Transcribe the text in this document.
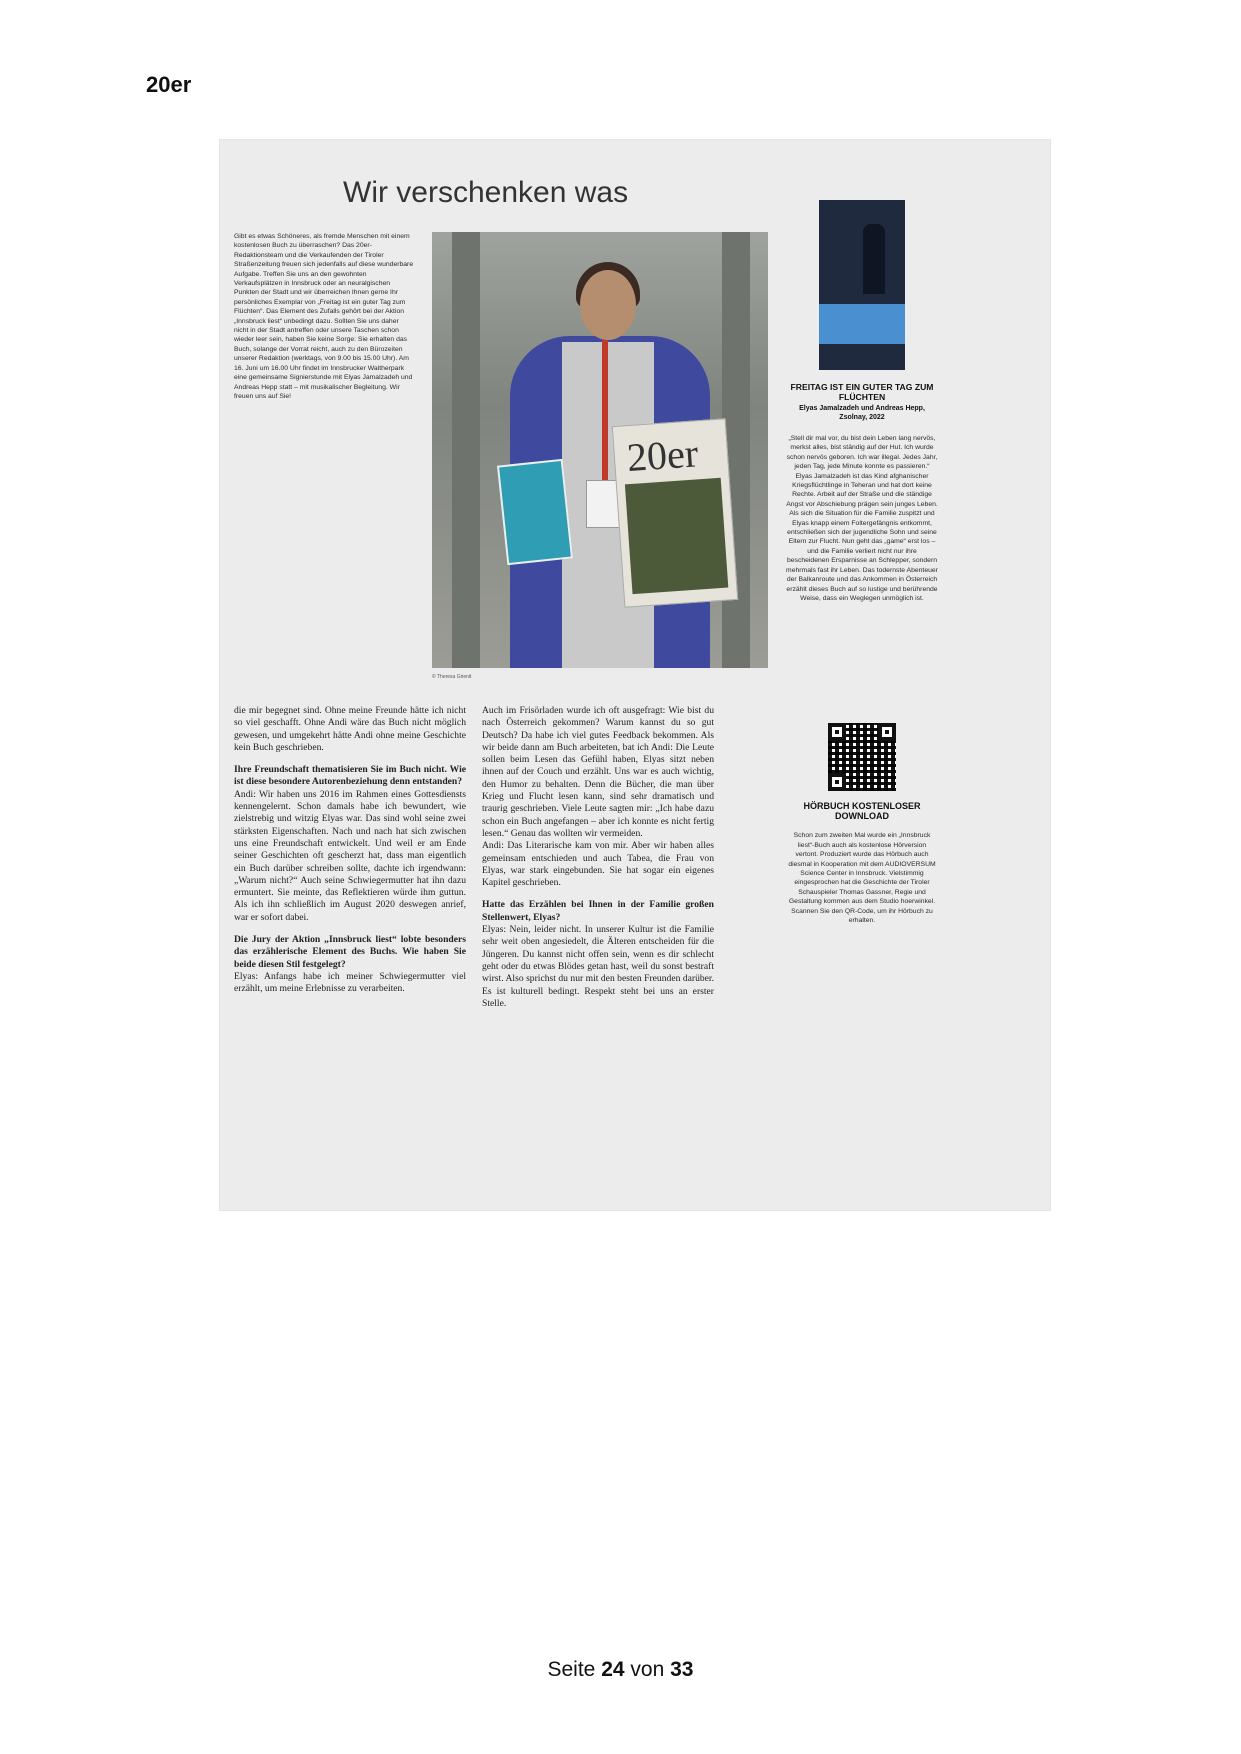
20er
Wir verschenken was
Gibt es etwas Schöneres, als fremde Menschen mit einem kostenlosen Buch zu überraschen? Das 20er-Redaktionsteam und die Verkaufenden der Tiroler Straßenzeitung freuen sich jedenfalls auf diese wunderbare Aufgabe. Treffen Sie uns an den gewohnten Verkaufsplätzen in Innsbruck oder an neuralgischen Punkten der Stadt und wir überreichen Ihnen gerne Ihr persönliches Exemplar von „Freitag ist ein guter Tag zum Flüchten“. Das Element des Zufalls gehört bei der Aktion „Innsbruck liest“ unbedingt dazu. Sollten Sie uns daher nicht in der Stadt antreffen oder unsere Taschen schon wieder leer sein, haben Sie keine Sorge: Sie erhalten das Buch, solange der Vorrat reicht, auch zu den Bürozeiten unserer Redaktion (werktags, von 9.00 bis 15.00 Uhr). Am 16. Juni um 16.00 Uhr findet im Innsbrucker Waltherpark eine gemeinsame Signierstunde mit Elyas Jamalzadeh und Andreas Hepp statt – mit musikalischer Begleitung. Wir freuen uns auf Sie!
20er
© Theresa Grienit

die mir begegnet sind. Ohne meine Freunde hätte ich nicht so viel geschafft. Ohne Andi wäre das Buch nicht möglich gewesen, und umgekehrt hätte Andi ohne meine Geschichte kein Buch geschrieben.

Ihre Freundschaft thematisieren Sie im Buch nicht. Wie ist diese besondere Autorenbeziehung denn entstanden?

Andi: Wir haben uns 2016 im Rahmen eines Gottesdiensts kennengelernt. Schon damals habe ich bewundert, wie zielstrebig und witzig Elyas war. Das sind wohl seine zwei stärksten Eigenschaften. Nach und nach hat sich zwischen uns eine Freundschaft entwickelt. Und weil er am Ende seiner Geschichten oft gescherzt hat, dass man eigentlich ein Buch darüber schreiben sollte, dachte ich irgendwann: „Warum nicht?“ Auch seine Schwiegermutter hat ihn dazu ermuntert. Sie meinte, das Reflektieren würde ihm guttun. Als ich ihn schließlich im August 2020 deswegen anrief, war er sofort dabei.

Die Jury der Aktion „Innsbruck liest“ lobte besonders das erzählerische Element des Buchs. Wie haben Sie beide diesen Stil festgelegt?

Elyas: Anfangs habe ich meiner Schwiegermutter viel erzählt, um meine Erlebnisse zu verarbeiten.

Auch im Frisörladen wurde ich oft ausgefragt: Wie bist du nach Österreich gekommen? Warum kannst du so gut Deutsch? Da habe ich viel gutes Feedback bekommen. Als wir beide dann am Buch arbeiteten, bat ich Andi: Die Leute sollen beim Lesen das Gefühl haben, Elyas sitzt neben ihnen auf der Couch und erzählt. Uns war es auch wichtig, den Humor zu behalten. Denn die Bücher, die man über Krieg und Flucht lesen kann, sind sehr dramatisch und traurig geschrieben. Viele Leute sagten mir: „Ich habe dazu schon ein Buch angefangen – aber ich konnte es nicht fertig lesen.“ Genau das wollten wir vermeiden.

Andi: Das Literarische kam von mir. Aber wir haben alles gemeinsam entschieden und auch Tabea, die Frau von Elyas, war stark eingebunden. Sie hat sogar ein eigenes Kapitel geschrieben.

Hatte das Erzählen bei Ihnen in der Familie großen Stellenwert, Elyas?

Elyas: Nein, leider nicht. In unserer Kultur ist die Familie sehr weit oben angesiedelt, die Älteren entscheiden für die Jüngeren. Du kannst nicht offen sein, wenn es dir schlecht geht oder du etwas Blödes getan hast, weil du sonst bestraft wirst. Also sprichst du nur mit den besten Freunden darüber. Es ist kulturell bedingt. Respekt steht bei uns an erster Stelle.

FREITAG IST EIN GUTER TAG ZUM FLÜCHTEN
Elyas Jamalzadeh und Andreas Hepp, Zsolnay, 2022
„Stell dir mal vor, du bist dein Leben lang nervös, merkst alles, bist ständig auf der Hut. Ich wurde schon nervös geboren. Ich war illegal. Jedes Jahr, jeden Tag, jede Minute konnte es passieren.“ Elyas Jamalzadeh ist das Kind afghanischer Kriegsflüchtlinge in Teheran und hat dort keine Rechte. Arbeit auf der Straße und die ständige Angst vor Abschiebung prägen sein junges Leben. Als sich die Situation für die Familie zuspitzt und Elyas knapp einem Foltergefängnis entkommt, entschließen sich der jugendliche Sohn und seine Eltern zur Flucht. Nun geht das „game“ erst los – und die Familie verliert nicht nur ihre bescheidenen Ersparnisse an Schlepper, sondern mehrmals fast ihr Leben. Das todernste Abenteuer der Balkanroute und das Ankommen in Österreich erzählt dieses Buch auf so lustige und berührende Weise, dass ein Weglegen unmöglich ist.
HÖRBUCH KOSTENLOSER DOWNLOAD
Schon zum zweiten Mal wurde ein „Innsbruck liest“-Buch auch als kostenlose Hörversion vertont. Produziert wurde das Hörbuch auch diesmal in Kooperation mit dem AUDIOVERSUM Science Center in Innsbruck. Vielstimmig eingesprochen hat die Geschichte der Tiroler Schauspieler Thomas Gassner, Regie und Gestaltung kommen aus dem Studio hoerwinkel. Scannen Sie den QR-Code, um ihr Hörbuch zu erhalten.
Seite 24 von 33
